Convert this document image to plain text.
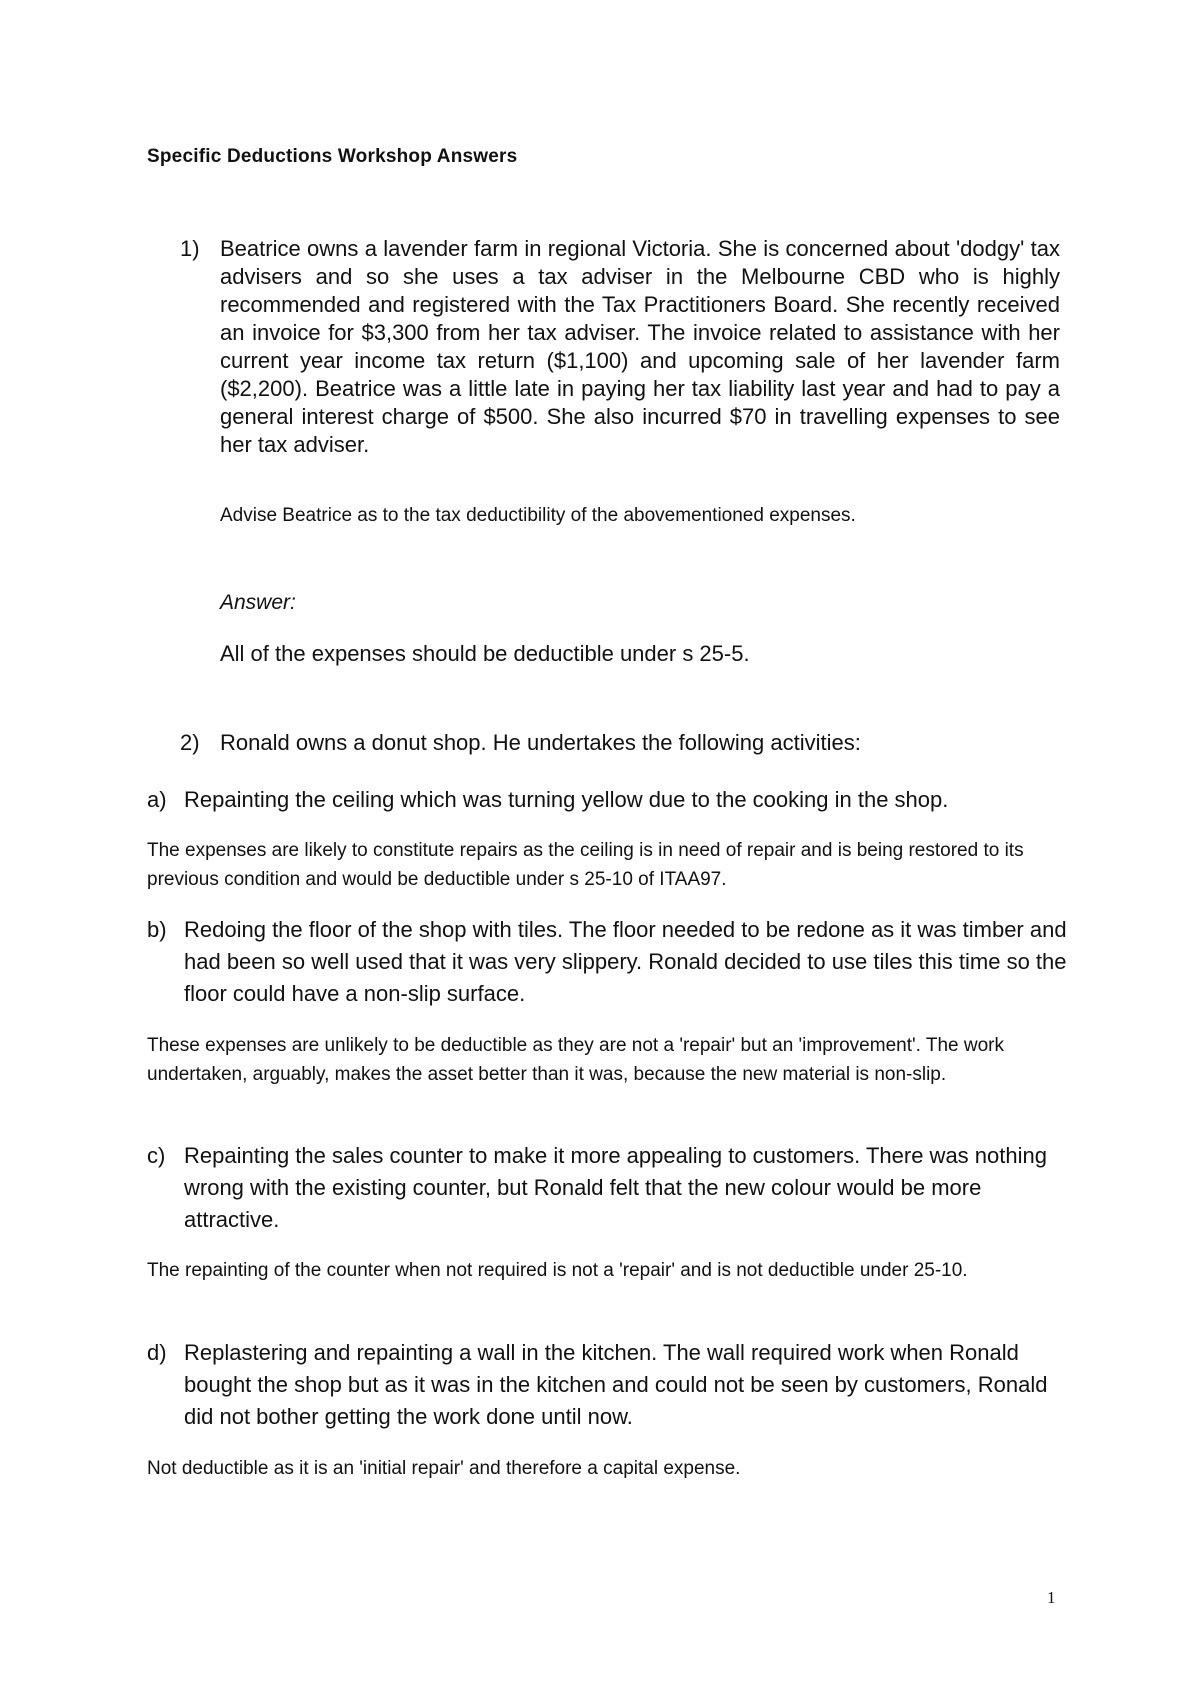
Specific Deductions Workshop Answers
1) Beatrice owns a lavender farm in regional Victoria. She is concerned about 'dodgy' tax advisers and so she uses a tax adviser in the Melbourne CBD who is highly recommended and registered with the Tax Practitioners Board. She recently received an invoice for $3,300 from her tax adviser. The invoice related to assistance with her current year income tax return ($1,100) and upcoming sale of her lavender farm ($2,200). Beatrice was a little late in paying her tax liability last year and had to pay a general interest charge of $500. She also incurred $70 in travelling expenses to see her tax adviser.
Advise Beatrice as to the tax deductibility of the abovementioned expenses.
Answer:
All of the expenses should be deductible under s 25-5.
2) Ronald owns a donut shop. He undertakes the following activities:
a) Repainting the ceiling which was turning yellow due to the cooking in the shop.
The expenses are likely to constitute repairs as the ceiling is in need of repair and is being restored to its previous condition and would be deductible under s 25-10 of ITAA97.
b) Redoing the floor of the shop with tiles. The floor needed to be redone as it was timber and had been so well used that it was very slippery. Ronald decided to use tiles this time so the floor could have a non-slip surface.
These expenses are unlikely to be deductible as they are not a 'repair' but an 'improvement'. The work undertaken, arguably, makes the asset better than it was, because the new material is non-slip.
c) Repainting the sales counter to make it more appealing to customers. There was nothing wrong with the existing counter, but Ronald felt that the new colour would be more attractive.
The repainting of the counter when not required is not a 'repair' and is not deductible under 25-10.
d) Replastering and repainting a wall in the kitchen. The wall required work when Ronald bought the shop but as it was in the kitchen and could not be seen by customers, Ronald did not bother getting the work done until now.
Not deductible as it is an 'initial repair' and therefore a capital expense.
1
